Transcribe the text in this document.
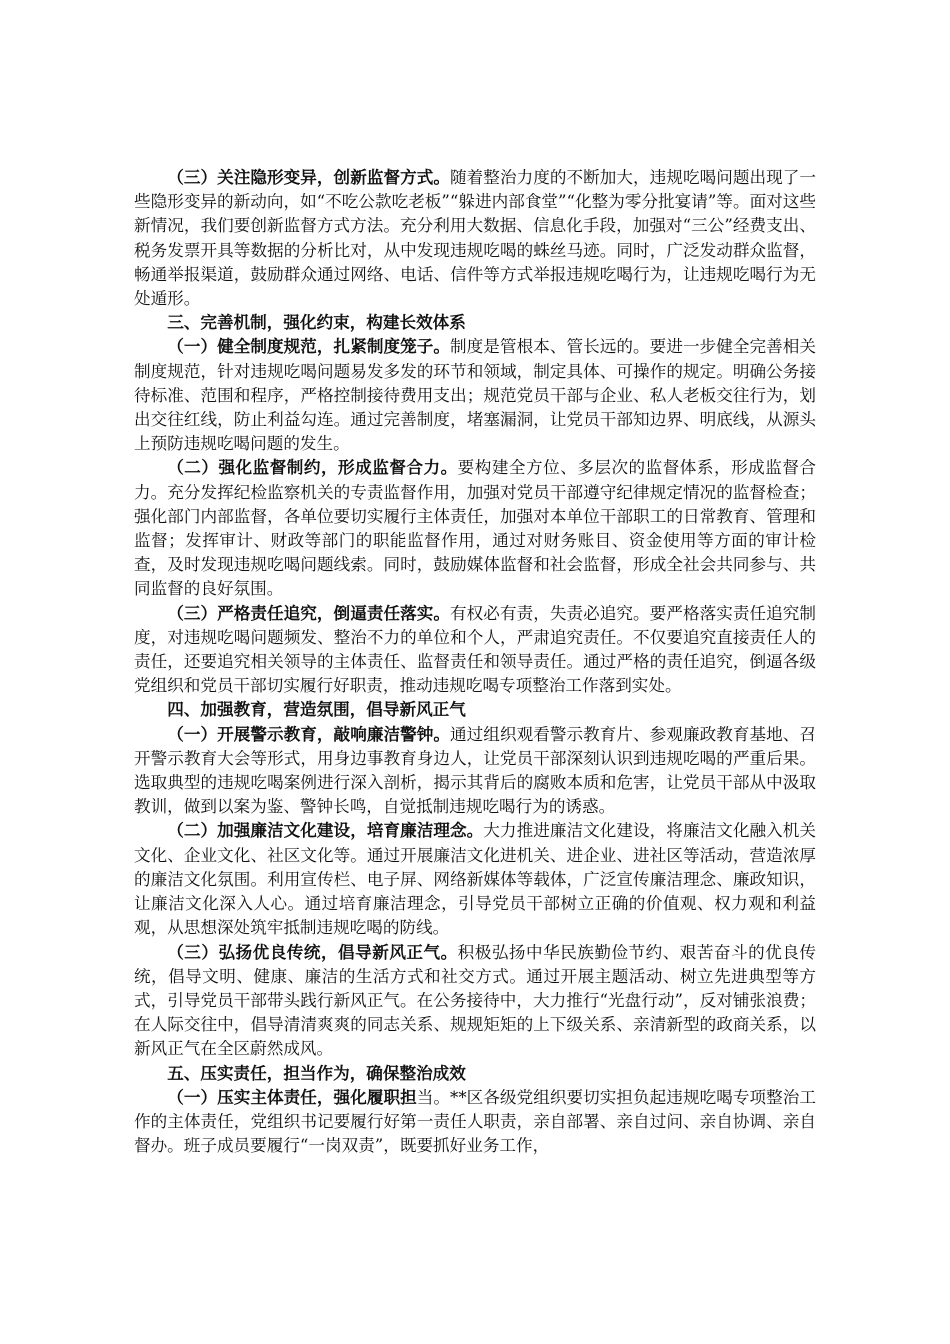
（三）关注隐形变异，创新监督方式。随着整治力度的不断加大，违规吃喝问题出现了一些隐形变异的新动向，如“不吃公款吃老板”“躲进内部食堂”“化整为零分批宴请”等。面对这些新情况，我们要创新监督方式方法。充分利用大数据、信息化手段，加强对“三公”经费支出、税务发票开具等数据的分析比对，从中发现违规吃喝的蛛丝马迹。同时，广泛发动群众监督，畅通举报渠道，鼓励群众通过网络、电话、信件等方式举报违规吃喝行为，让违规吃喝行为无处遁形。

三、完善机制，强化约束，构建长效体系

（一）健全制度规范，扎紧制度笼子。制度是管根本、管长远的。要进一步健全完善相关制度规范，针对违规吃喝问题易发多发的环节和领域，制定具体、可操作的规定。明确公务接待标准、范围和程序，严格控制接待费用支出；规范党员干部与企业、私人老板交往行为，划出交往红线，防止利益勾连。通过完善制度，堵塞漏洞，让党员干部知边界、明底线，从源头上预防违规吃喝问题的发生。

（二）强化监督制约，形成监督合力。要构建全方位、多层次的监督体系，形成监督合力。充分发挥纪检监察机关的专责监督作用，加强对党员干部遵守纪律规定情况的监督检查；强化部门内部监督，各单位要切实履行主体责任，加强对本单位干部职工的日常教育、管理和监督；发挥审计、财政等部门的职能监督作用，通过对财务账目、资金使用等方面的审计检查，及时发现违规吃喝问题线索。同时，鼓励媒体监督和社会监督，形成全社会共同参与、共同监督的良好氛围。

（三）严格责任追究，倒逼责任落实。有权必有责，失责必追究。要严格落实责任追究制度，对违规吃喝问题频发、整治不力的单位和个人，严肃追究责任。不仅要追究直接责任人的责任，还要追究相关领导的主体责任、监督责任和领导责任。通过严格的责任追究，倒逼各级党组织和党员干部切实履行好职责，推动违规吃喝专项整治工作落到实处。

四、加强教育，营造氛围，倡导新风正气

（一）开展警示教育，敲响廉洁警钟。通过组织观看警示教育片、参观廉政教育基地、召开警示教育大会等形式，用身边事教育身边人，让党员干部深刻认识到违规吃喝的严重后果。选取典型的违规吃喝案例进行深入剖析，揭示其背后的腐败本质和危害，让党员干部从中汲取教训，做到以案为鉴、警钟长鸣，自觉抵制违规吃喝行为的诱惑。

（二）加强廉洁文化建设，培育廉洁理念。大力推进廉洁文化建设，将廉洁文化融入机关文化、企业文化、社区文化等。通过开展廉洁文化进机关、进企业、进社区等活动，营造浓厚的廉洁文化氛围。利用宣传栏、电子屏、网络新媒体等载体，广泛宣传廉洁理念、廉政知识，让廉洁文化深入人心。通过培育廉洁理念，引导党员干部树立正确的价值观、权力观和利益观，从思想深处筑牢抵制违规吃喝的防线。

（三）弘扬优良传统，倡导新风正气。积极弘扬中华民族勤俭节约、艰苦奋斗的优良传统，倡导文明、健康、廉洁的生活方式和社交方式。通过开展主题活动、树立先进典型等方式，引导党员干部带头践行新风正气。在公务接待中，大力推行“光盘行动”，反对铺张浪费；在人际交往中，倡导清清爽爽的同志关系、规规矩矩的上下级关系、亲清新型的政商关系，以新风正气在全区蔚然成风。

五、压实责任，担当作为，确保整治成效

（一）压实主体责任，强化履职担当。**区各级党组织要切实担负起违规吃喝专项整治工作的主体责任，党组织书记要履行好第一责任人职责，亲自部署、亲自过问、亲自协调、亲自督办。班子成员要履行“一岗双责”，既要抓好业务工作，
